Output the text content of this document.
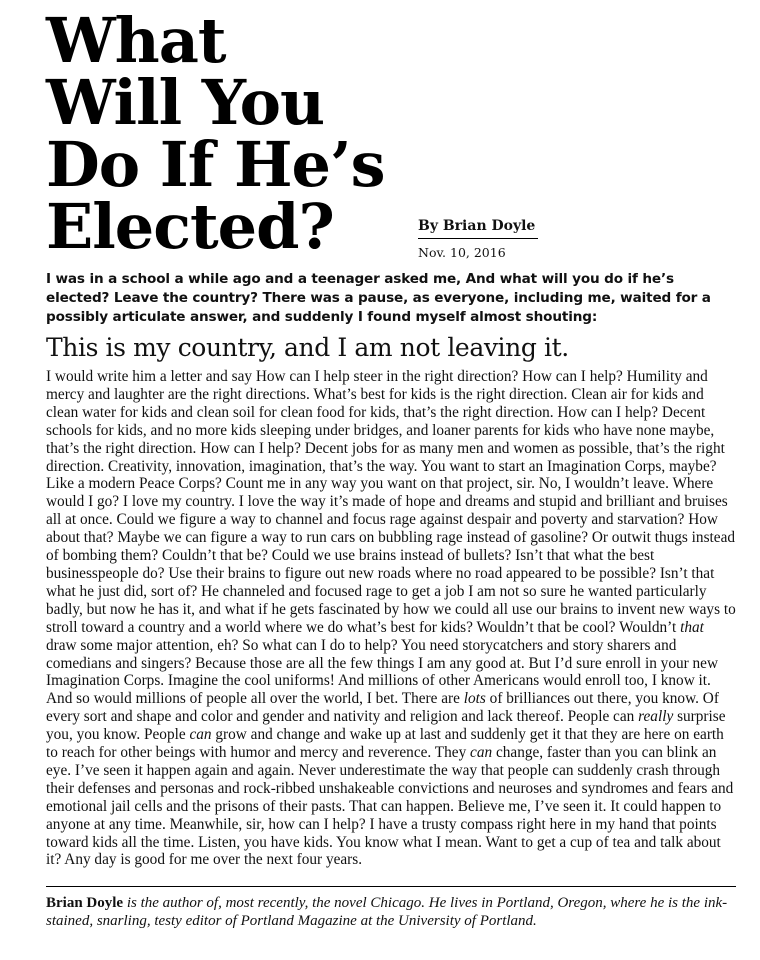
What
Will You
Do If He’s
Elected?	By Brian Doyle
Nov. 10, 2016

I was in a school a while ago and a teenager asked me, And what will you do if he’s elected? Leave the country? There was a pause, as everyone, including me, waited for a possibly articulate answer, and suddenly I found myself almost shouting:

This is my country, and I am not leaving it.

I would write him a letter and say How can I help steer in the right direction? How can I help? Humility and mercy and laughter are the right directions. What’s best for kids is the right direction. Clean air for kids and clean water for kids and clean soil for clean food for kids, that’s the right direction. How can I help? Decent schools for kids, and no more kids sleeping under bridges, and loaner parents for kids who have none maybe, that’s the right direction. How can I help? Decent jobs for as many men and women as possible, that’s the right direction. Creativity, innovation, imagination, that’s the way. You want to start an Imagination Corps, maybe? Like a modern Peace Corps? Count me in any way you want on that project, sir. No, I wouldn’t leave. Where would I go? I love my country. I love the way it’s made of hope and dreams and stupid and brilliant and bruises all at once. Could we figure a way to channel and focus rage against despair and poverty and starvation? How about that? Maybe we can figure a way to run cars on bubbling rage instead of gasoline? Or outwit thugs instead of bombing them? Couldn’t that be? Could we use brains instead of bullets? Isn’t that what the best businesspeople do? Use their brains to figure out new roads where no road appeared to be possible? Isn’t that what he just did, sort of? He channeled and focused rage to get a job I am not so sure he wanted particularly badly, but now he has it, and what if he gets fascinated by how we could all use our brains to invent new ways to stroll toward a country and a world where we do what’s best for kids? Wouldn’t that be cool? Wouldn’t that draw some major attention, eh? So what can I do to help? You need storycatchers and story sharers and comedians and singers? Because those are all the few things I am any good at. But I’d sure enroll in your new Imagination Corps. Imagine the cool uniforms! And millions of other Americans would enroll too, I know it. And so would millions of people all over the world, I bet. There are lots of brilliances out there, you know. Of every sort and shape and color and gender and nativity and religion and lack thereof. People can really surprise you, you know. People can grow and change and wake up at last and suddenly get it that they are here on earth to reach for other beings with humor and mercy and reverence. They can change, faster than you can blink an eye. I’ve seen it happen again and again. Never underestimate the way that people can suddenly crash through their defenses and personas and rock-ribbed unshakeable convictions and neuroses and syndromes and fears and emotional jail cells and the prisons of their pasts. That can happen. Believe me, I’ve seen it. It could happen to anyone at any time. Meanwhile, sir, how can I help? I have a trusty compass right here in my hand that points toward kids all the time. Listen, you have kids. You know what I mean. Want to get a cup of tea and talk about it? Any day is good for me over the next four years.

Brian Doyle is the author of, most recently, the novel Chicago. He lives in Portland, Oregon, where he is the ink-stained, snarling, testy editor of Portland Magazine at the University of Portland.
